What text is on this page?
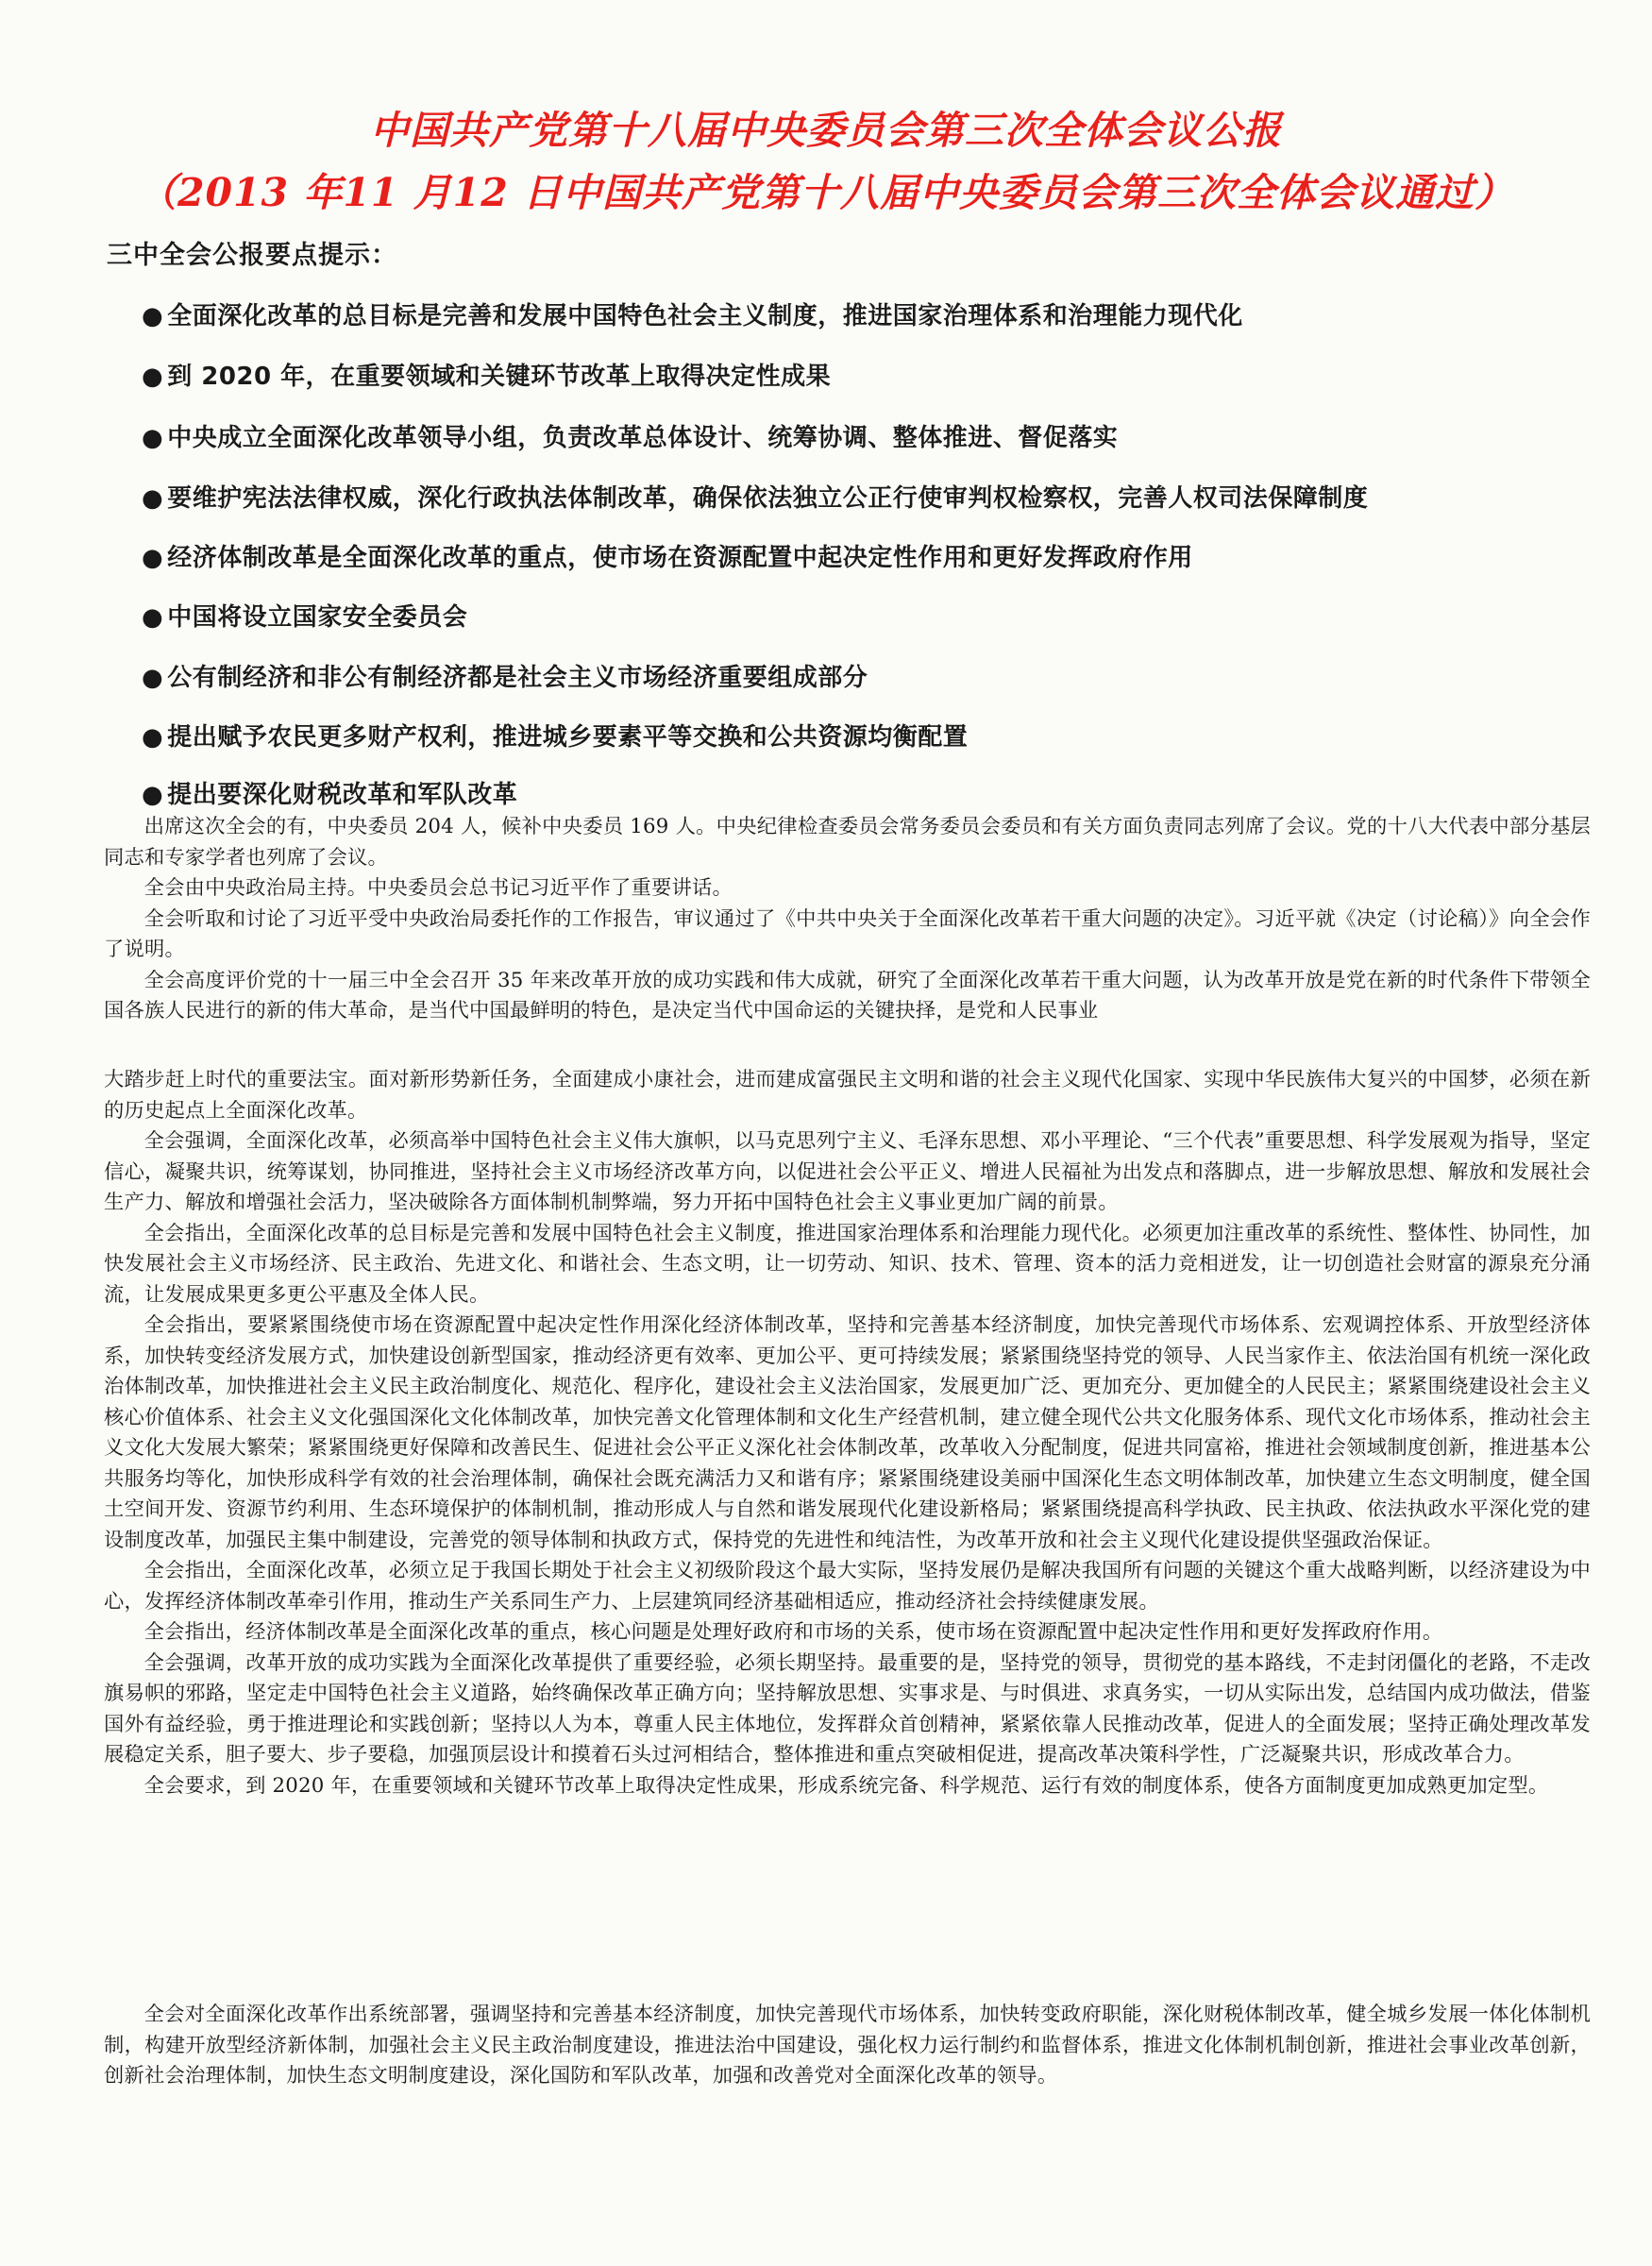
中国共产党第十八届中央委员会第三次全体会议公报
（2013 年11 月12 日中国共产党第十八届中央委员会第三次全体会议通过）
三中全会公报要点提示：
● 全面深化改革的总目标是完善和发展中国特色社会主义制度，推进国家治理体系和治理能力现代化
● 到 2020 年，在重要领域和关键环节改革上取得决定性成果
● 中央成立全面深化改革领导小组，负责改革总体设计、统筹协调、整体推进、督促落实
● 要维护宪法法律权威，深化行政执法体制改革，确保依法独立公正行使审判权检察权，完善人权司法保障制度
● 经济体制改革是全面深化改革的重点，使市场在资源配置中起决定性作用和更好发挥政府作用
● 中国将设立国家安全委员会
● 公有制经济和非公有制经济都是社会主义市场经济重要组成部分
● 提出赋予农民更多财产权利，推进城乡要素平等交换和公共资源均衡配置
● 提出要深化财税改革和军队改革

出席这次全会的有，中央委员 204 人，候补中央委员 169 人。中央纪律检查委员会常务委员会委员和有关方面负责同志列席了会议。党的十八大代表中部分基层同志和专家学者也列席了会议。

全会由中央政治局主持。中央委员会总书记习近平作了重要讲话。

全会听取和讨论了习近平受中央政治局委托作的工作报告，审议通过了《中共中央关于全面深化改革若干重大问题的决定》。习近平就《决定（讨论稿）》向全会作了说明。

全会高度评价党的十一届三中全会召开 35 年来改革开放的成功实践和伟大成就，研究了全面深化改革若干重大问题，认为改革开放是党在新的时代条件下带领全国各族人民进行的新的伟大革命，是当代中国最鲜明的特色，是决定当代中国命运的关键抉择，是党和人民事业

大踏步赶上时代的重要法宝。面对新形势新任务，全面建成小康社会，进而建成富强民主文明和谐的社会主义现代化国家、实现中华民族伟大复兴的中国梦，必须在新的历史起点上全面深化改革。

全会强调，全面深化改革，必须高举中国特色社会主义伟大旗帜，以马克思列宁主义、毛泽东思想、邓小平理论、“三个代表”重要思想、科学发展观为指导，坚定信心，凝聚共识，统筹谋划，协同推进，坚持社会主义市场经济改革方向，以促进社会公平正义、增进人民福祉为出发点和落脚点，进一步解放思想、解放和发展社会生产力、解放和增强社会活力，坚决破除各方面体制机制弊端，努力开拓中国特色社会主义事业更加广阔的前景。

全会指出，全面深化改革的总目标是完善和发展中国特色社会主义制度，推进国家治理体系和治理能力现代化。必须更加注重改革的系统性、整体性、协同性，加快发展社会主义市场经济、民主政治、先进文化、和谐社会、生态文明，让一切劳动、知识、技术、管理、资本的活力竞相迸发，让一切创造社会财富的源泉充分涌流，让发展成果更多更公平惠及全体人民。

全会指出，要紧紧围绕使市场在资源配置中起决定性作用深化经济体制改革，坚持和完善基本经济制度，加快完善现代市场体系、宏观调控体系、开放型经济体系，加快转变经济发展方式，加快建设创新型国家，推动经济更有效率、更加公平、更可持续发展；紧紧围绕坚持党的领导、人民当家作主、依法治国有机统一深化政治体制改革，加快推进社会主义民主政治制度化、规范化、程序化，建设社会主义法治国家，发展更加广泛、更加充分、更加健全的人民民主；紧紧围绕建设社会主义核心价值体系、社会主义文化强国深化文化体制改革，加快完善文化管理体制和文化生产经营机制，建立健全现代公共文化服务体系、现代文化市场体系，推动社会主义文化大发展大繁荣；紧紧围绕更好保障和改善民生、促进社会公平正义深化社会体制改革，改革收入分配制度，促进共同富裕，推进社会领域制度创新，推进基本公共服务均等化，加快形成科学有效的社会治理体制，确保社会既充满活力又和谐有序；紧紧围绕建设美丽中国深化生态文明体制改革，加快建立生态文明制度，健全国土空间开发、资源节约利用、生态环境保护的体制机制，推动形成人与自然和谐发展现代化建设新格局；紧紧围绕提高科学执政、民主执政、依法执政水平深化党的建设制度改革，加强民主集中制建设，完善党的领导体制和执政方式，保持党的先进性和纯洁性，为改革开放和社会主义现代化建设提供坚强政治保证。

全会指出，全面深化改革，必须立足于我国长期处于社会主义初级阶段这个最大实际，坚持发展仍是解决我国所有问题的关键这个重大战略判断，以经济建设为中心，发挥经济体制改革牵引作用，推动生产关系同生产力、上层建筑同经济基础相适应，推动经济社会持续健康发展。

全会指出，经济体制改革是全面深化改革的重点，核心问题是处理好政府和市场的关系，使市场在资源配置中起决定性作用和更好发挥政府作用。

全会强调，改革开放的成功实践为全面深化改革提供了重要经验，必须长期坚持。最重要的是，坚持党的领导，贯彻党的基本路线，不走封闭僵化的老路，不走改旗易帜的邪路，坚定走中国特色社会主义道路，始终确保改革正确方向；坚持解放思想、实事求是、与时俱进、求真务实，一切从实际出发，总结国内成功做法，借鉴国外有益经验，勇于推进理论和实践创新；坚持以人为本，尊重人民主体地位，发挥群众首创精神，紧紧依靠人民推动改革，促进人的全面发展；坚持正确处理改革发展稳定关系，胆子要大、步子要稳，加强顶层设计和摸着石头过河相结合，整体推进和重点突破相促进，提高改革决策科学性，广泛凝聚共识，形成改革合力。

全会要求，到 2020 年，在重要领域和关键环节改革上取得决定性成果，形成系统完备、科学规范、运行有效的制度体系，使各方面制度更加成熟更加定型。

全会对全面深化改革作出系统部署，强调坚持和完善基本经济制度，加快完善现代市场体系，加快转变政府职能，深化财税体制改革，健全城乡发展一体化体制机制，构建开放型经济新体制，加强社会主义民主政治制度建设，推进法治中国建设，强化权力运行制约和监督体系，推进文化体制机制创新，推进社会事业改革创新，创新社会治理体制，加快生态文明制度建设，深化国防和军队改革，加强和改善党对全面深化改革的领导。
